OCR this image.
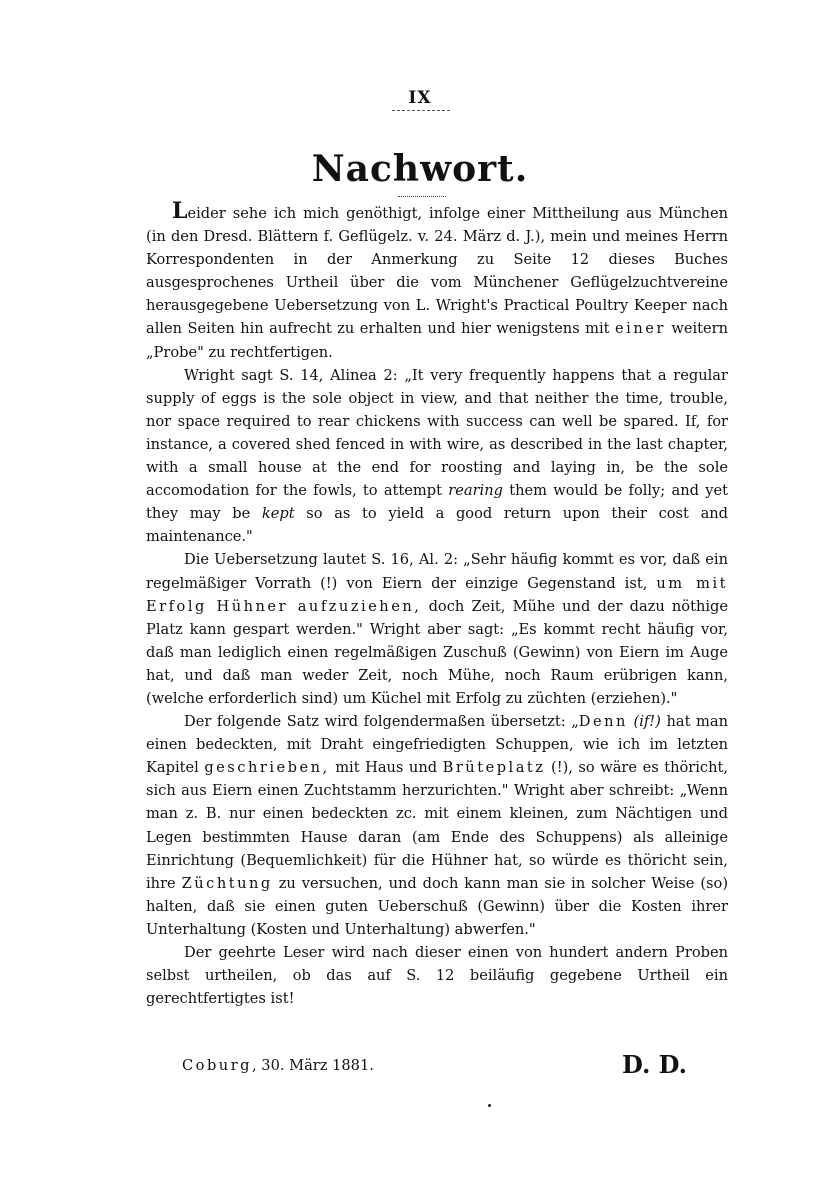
IX
Nachwort.

Leider sehe ich mich genöthigt, infolge einer Mittheilung aus München (in den Dresd. Blättern f. Geflügelz. v. 24. März d. J.), mein und meines Herrn Korrespondenten in der Anmerkung zu Seite 12 dieses Buches ausgesprochenes Urtheil über die vom Münchener Geflügelzuchtvereine herausgegebene Uebersetzung von L. Wright's Practical Poultry Keeper nach allen Seiten hin aufrecht zu erhalten und hier wenigstens mit einer weitern „Probe" zu rechtfertigen.

Wright sagt S. 14, Alinea 2: „It very frequently happens that a regular supply of eggs is the sole object in view, and that neither the time, trouble, nor space required to rear chickens with success can well be spared. If, for instance, a covered shed fenced in with wire, as described in the last chapter, with a small house at the end for roosting and laying in, be the sole accomodation for the fowls, to attempt rearing them would be folly; and yet they may be kept so as to yield a good return upon their cost and maintenance."

Die Uebersetzung lautet S. 16, Al. 2: „Sehr häufig kommt es vor, daß ein regelmäßiger Vorrath (!) von Eiern der einzige Gegenstand ist, um mit Erfolg Hühner aufzuziehen, doch Zeit, Mühe und der dazu nöthige Platz kann gespart werden." Wright aber sagt: „Es kommt recht häufig vor, daß man lediglich einen regelmäßigen Zuschuß (Gewinn) von Eiern im Auge hat, und daß man weder Zeit, noch Mühe, noch Raum erübrigen kann, (welche erforderlich sind) um Küchel mit Erfolg zu züchten (erziehen)."

Der folgende Satz wird folgendermaßen übersetzt: „Denn (if!) hat man einen bedeckten, mit Draht eingefriedigten Schuppen, wie ich im letzten Kapitel geschrieben, mit Haus und Brüteplatz (!), so wäre es thöricht, sich aus Eiern einen Zuchtstamm herzurichten." Wright aber schreibt: „Wenn man z. B. nur einen bedeckten zc. mit einem kleinen, zum Nächtigen und Legen bestimmten Hause daran (am Ende des Schuppens) als alleinige Einrichtung (Bequemlichkeit) für die Hühner hat, so würde es thöricht sein, ihre Züchtung zu versuchen, und doch kann man sie in solcher Weise (so) halten, daß sie einen guten Ueberschuß (Gewinn) über die Kosten ihrer Unterhaltung (Kosten und Unterhaltung) abwerfen."

Der geehrte Leser wird nach dieser einen von hundert andern Proben selbst urtheilen, ob das auf S. 12 beiläufig gegebene Urtheil ein gerechtfertigtes ist!

Coburg, 30. März 1881.	D. D.
